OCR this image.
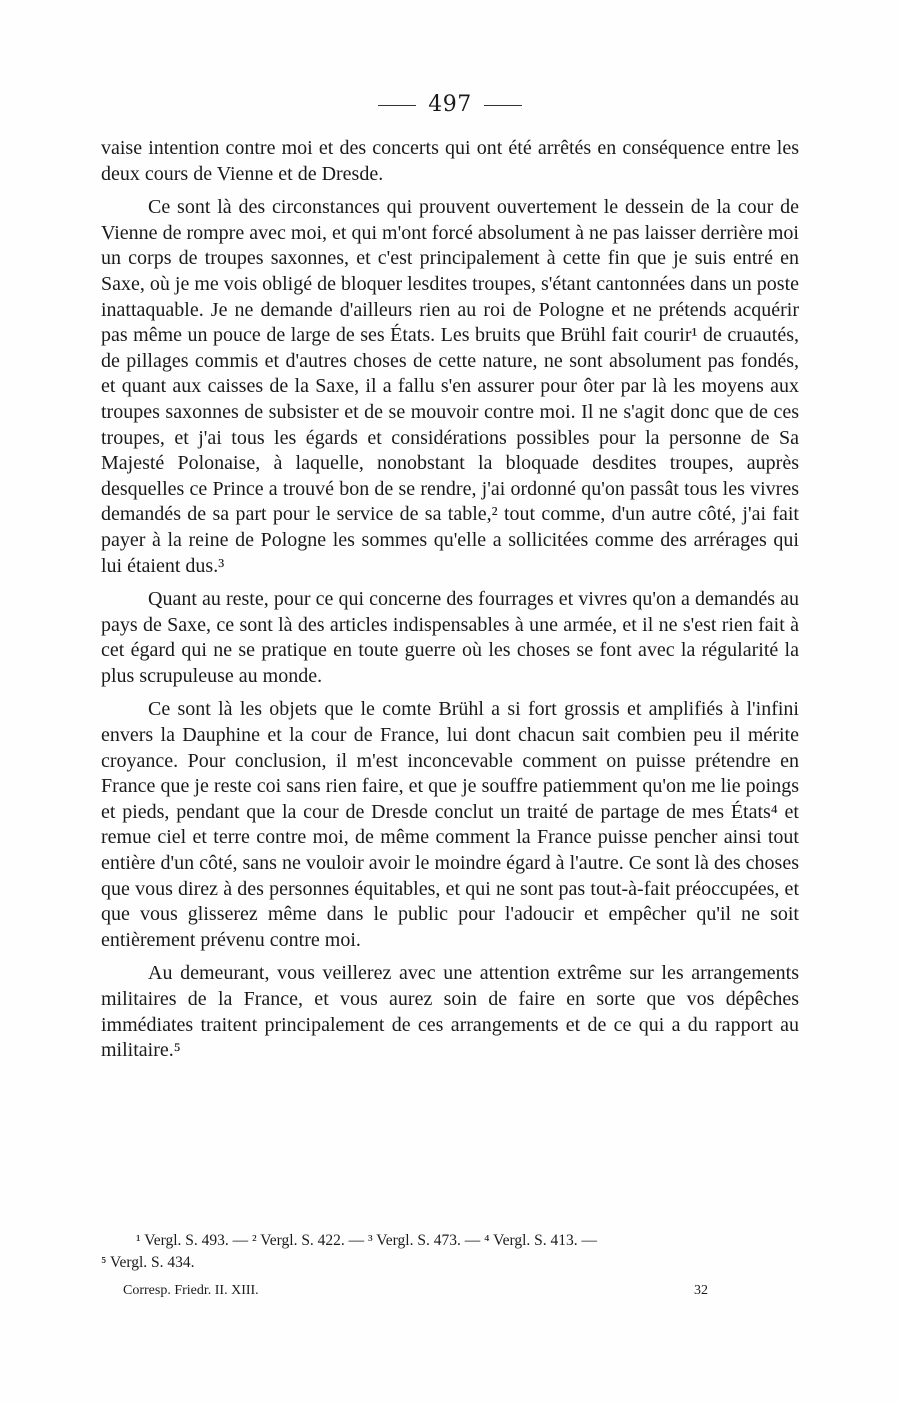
497

vaise intention contre moi et des concerts qui ont été arrêtés en conséquence entre les deux cours de Vienne et de Dresde.

Ce sont là des circonstances qui prouvent ouvertement le dessein de la cour de Vienne de rompre avec moi, et qui m'ont forcé absolument à ne pas laisser derrière moi un corps de troupes saxonnes, et c'est principalement à cette fin que je suis entré en Saxe, où je me vois obligé de bloquer lesdites troupes, s'étant cantonnées dans un poste inattaquable. Je ne demande d'ailleurs rien au roi de Pologne et ne prétends acquérir pas même un pouce de large de ses États. Les bruits que Brühl fait courir¹ de cruautés, de pillages commis et d'autres choses de cette nature, ne sont absolument pas fondés, et quant aux caisses de la Saxe, il a fallu s'en assurer pour ôter par là les moyens aux troupes saxonnes de subsister et de se mouvoir contre moi. Il ne s'agit donc que de ces troupes, et j'ai tous les égards et considérations possibles pour la personne de Sa Majesté Polonaise, à laquelle, nonobstant la bloquade desdites troupes, auprès desquelles ce Prince a trouvé bon de se rendre, j'ai ordonné qu'on passât tous les vivres demandés de sa part pour le service de sa table,² tout comme, d'un autre côté, j'ai fait payer à la reine de Pologne les sommes qu'elle a sollicitées comme des arrérages qui lui étaient dus.³

Quant au reste, pour ce qui concerne des fourrages et vivres qu'on a demandés au pays de Saxe, ce sont là des articles indispensables à une armée, et il ne s'est rien fait à cet égard qui ne se pratique en toute guerre où les choses se font avec la régularité la plus scrupuleuse au monde.

Ce sont là les objets que le comte Brühl a si fort grossis et amplifiés à l'infini envers la Dauphine et la cour de France, lui dont chacun sait combien peu il mérite croyance. Pour conclusion, il m'est inconcevable comment on puisse prétendre en France que je reste coi sans rien faire, et que je souffre patiemment qu'on me lie poings et pieds, pendant que la cour de Dresde conclut un traité de partage de mes États⁴ et remue ciel et terre contre moi, de même comment la France puisse pencher ainsi tout entière d'un côté, sans ne vouloir avoir le moindre égard à l'autre. Ce sont là des choses que vous direz à des personnes équitables, et qui ne sont pas tout-à-fait préoccupées, et que vous glisserez même dans le public pour l'adoucir et empêcher qu'il ne soit entièrement prévenu contre moi.

Au demeurant, vous veillerez avec une attention extrême sur les arrangements militaires de la France, et vous aurez soin de faire en sorte que vos dépêches immédiates traitent principalement de ces arrangements et de ce qui a du rapport au militaire.⁵

¹ Vergl. S. 493. — ² Vergl. S. 422. — ³ Vergl. S. 473. — ⁴ Vergl. S. 413. —
⁵ Vergl. S. 434.
Corresp. Friedr. II. XIII.	32
